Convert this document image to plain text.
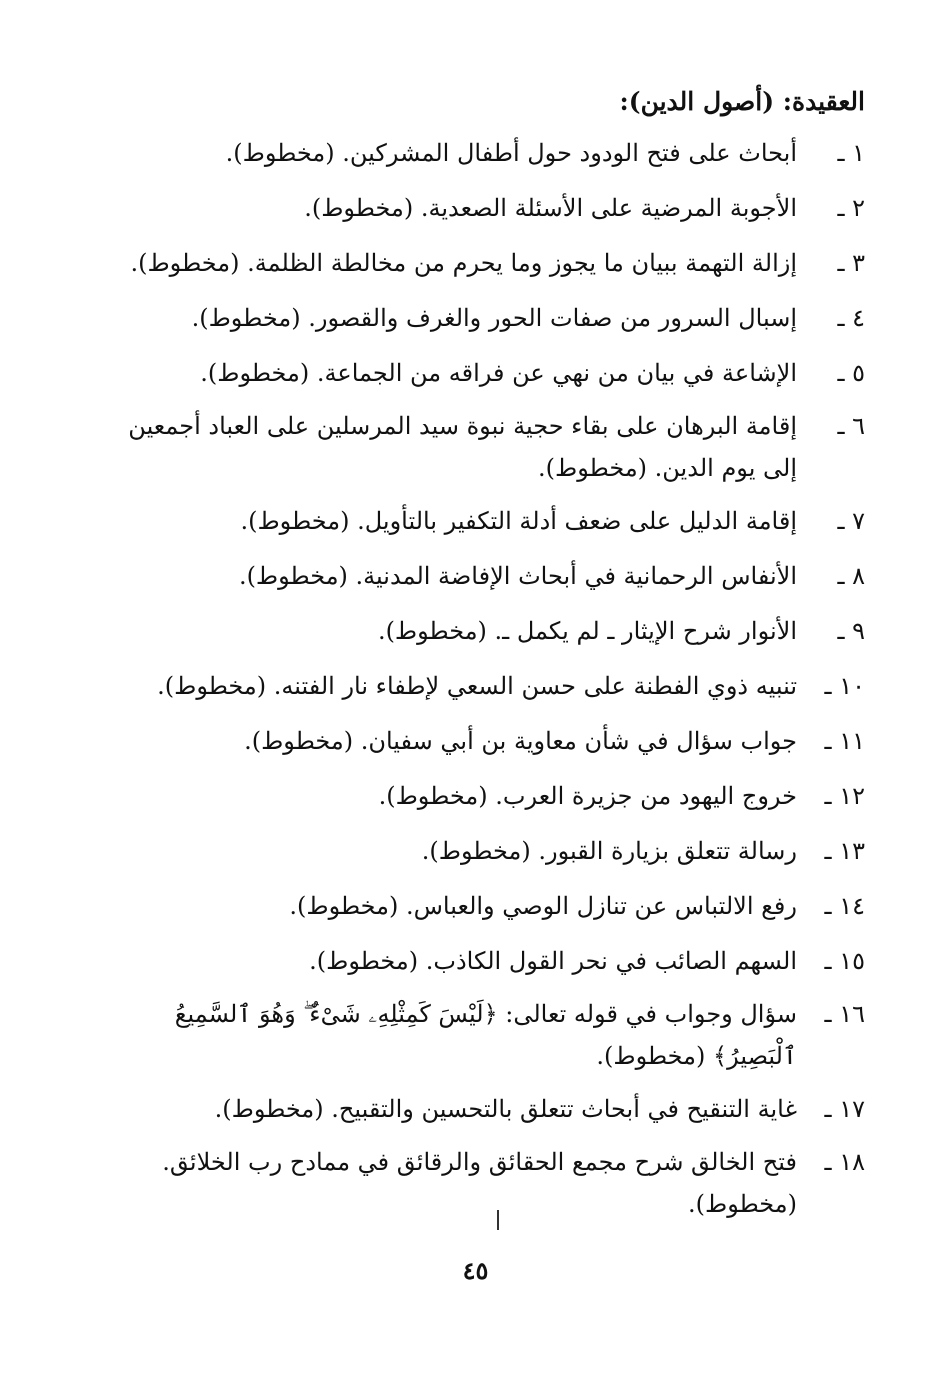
العقيدة: (أصول الدين):
١ ـ
أبحاث على فتح الودود حول أطفال المشركين. (مخطوط).
٢ ـ
الأجوبة المرضية على الأسئلة الصعدية. (مخطوط).
٣ ـ
إزالة التهمة ببيان ما يجوز وما يحرم من مخالطة الظلمة. (مخطوط).
٤ ـ
إسبال السرور من صفات الحور والغرف والقصور. (مخطوط).
٥ ـ
الإشاعة في بيان من نهي عن فراقه من الجماعة. (مخطوط).
٦ ـ
إقامة البرهان على بقاء حجية نبوة سيد المرسلين على العباد أجمعين إلى يوم الدين. (مخطوط).
٧ ـ
إقامة الدليل على ضعف أدلة التكفير بالتأويل. (مخطوط).
٨ ـ
الأنفاس الرحمانية في أبحاث الإفاضة المدنية. (مخطوط).
٩ ـ
الأنوار شرح الإيثار ـ لم يكمل ـ. (مخطوط).
١٠ ـ
تنبيه ذوي الفطنة على حسن السعي لإطفاء نار الفتنه. (مخطوط).
١١ ـ
جواب سؤال في شأن معاوية بن أبي سفيان. (مخطوط).
١٢ ـ
خروج اليهود من جزيرة العرب. (مخطوط).
١٣ ـ
رسالة تتعلق بزيارة القبور. (مخطوط).
١٤ ـ
رفع الالتباس عن تنازل الوصي والعباس. (مخطوط).
١٥ ـ
السهم الصائب في نحر القول الكاذب. (مخطوط).
١٦ ـ
سؤال وجواب في قوله تعالى: ﴿لَيْسَ كَمِثْلِهِۦ شَىْءٌ ۖ وَهُوَ ٱلسَّمِيعُ ٱلْبَصِيرُ﴾ (مخطوط).
١٧ ـ
غاية التنقيح في أبحاث تتعلق بالتحسين والتقبيح. (مخطوط).
١٨ ـ
فتح الخالق شرح مجمع الحقائق والرقائق في ممادح رب الخلائق. (مخطوط).
٤٥
